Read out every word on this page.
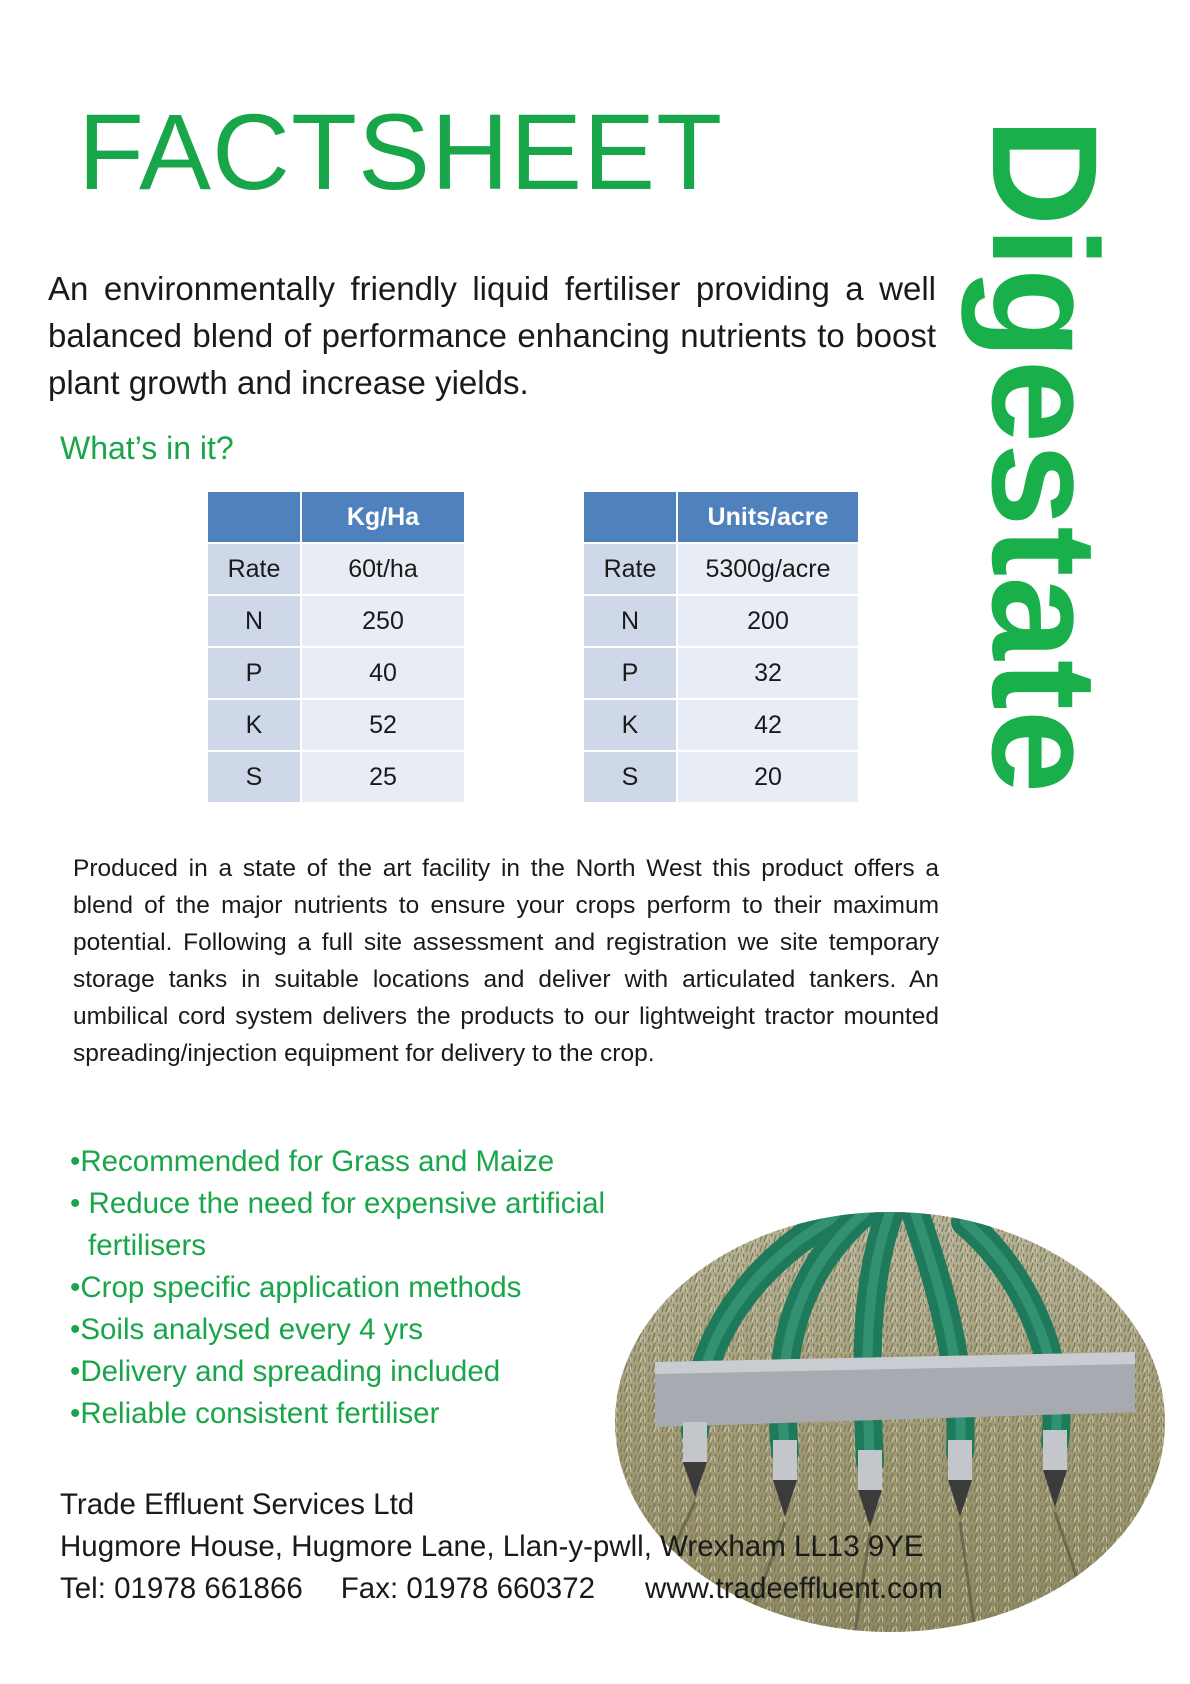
FACTSHEET Digestate
An environmentally friendly liquid fertiliser providing a well balanced blend of performance enhancing nutrients to boost plant growth and increase yields.
What’s in it?
	Kg/Ha
Rate	60t/ha
N	250
P	40
K	52
S	25
	Units/acre
Rate	5300g/acre
N	200
P	32
K	42
S	20
Produced in a state of the art facility in the North West this product offers a blend of the major nutrients to ensure your crops perform to their maximum potential. Following a full site assessment and registration we site temporary storage tanks in suitable locations and deliver with articulated tankers. An umbilical cord system delivers the products to our lightweight tractor mounted spreading/injection equipment for delivery to the crop.
•Recommended for Grass and Maize
• Reduce the need for expensive artificial fertilisers
•Crop specific application methods
•Soils analysed every 4 yrs
•Delivery and spreading included
•Reliable consistent fertiliser
Trade Effluent Services Ltd
Hugmore House, Hugmore Lane, Llan-y-pwll, Wrexham LL13 9YE
Tel: 01978 661866 Fax: 01978 660372 www.tradeeffluent.com
